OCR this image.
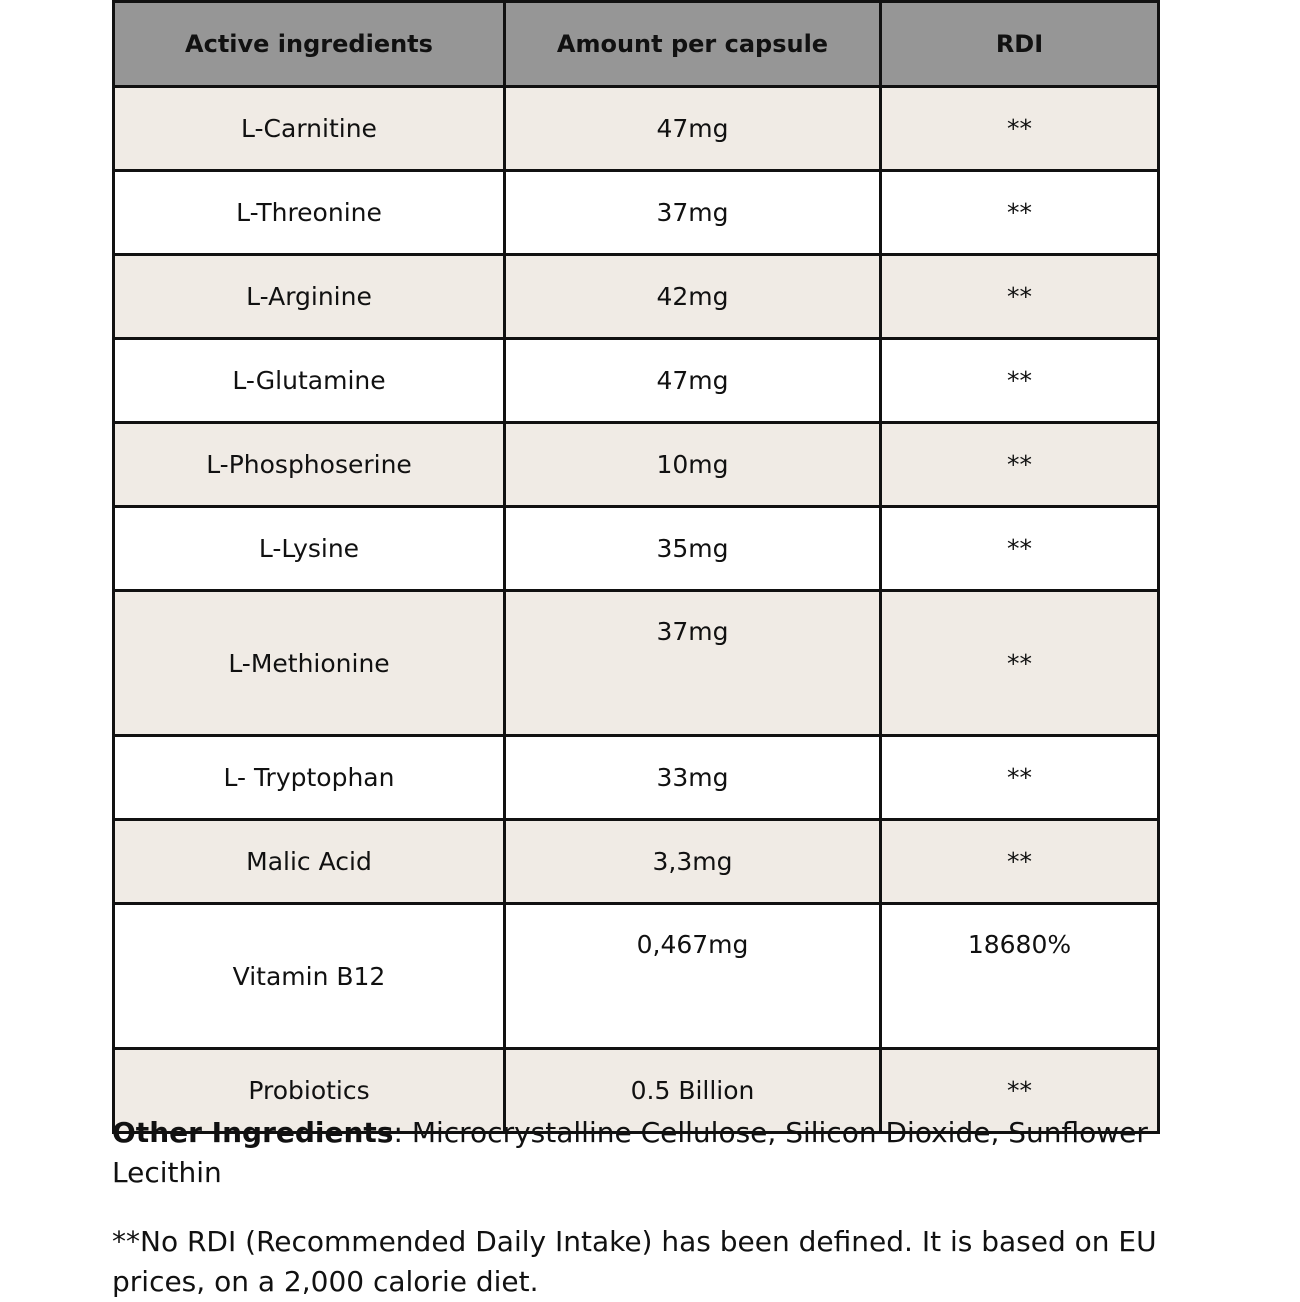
Active ingredients	Amount per capsule	RDI
L-Carnitine	47mg	**
L-Threonine	37mg	**
L-Arginine	42mg	**
L-Glutamine	47mg	**
L-Phosphoserine	10mg	**
L-Lysine	35mg	**
L-Methionine	37mg	**
L- Tryptophan	33mg	**
Malic Acid	3,3mg	**
Vitamin B12	0,467mg	18680%
Probiotics	0.5 Billion	**

Other Ingredients: Microcrystalline Cellulose, Silicon Dioxide, Sunflower Lecithin

**No RDI (Recommended Daily Intake) has been defined. It is based on EU prices, on a 2,000 calorie diet.
